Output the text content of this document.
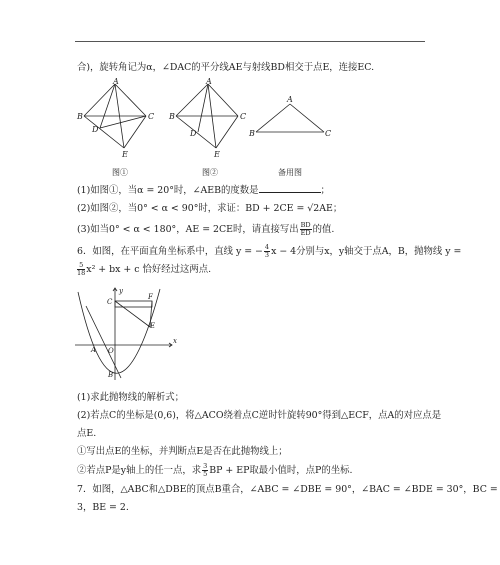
合)，旋转角记为α，∠DAC的平分线AE与射线BD相交于点E，连接EC.
A
B	C
D
E
A
B	C
D
E
A
B	C
图①	图②	备用图
(1)如图①，当α = 20°时，∠AEB的度数是	；
(2)如图②，当0° < α < 90°时，求证：BD + 2CE = √2AE；
(3)如当0° < α < 180°，AE = 2CE时，请直接写出 $\frac{BD}{ED}$ 的值.
6．如图，在平面直角坐标系中，直线 y = − $\frac{4}{3}$ x − 4分别与x，y轴交于点A，B，抛物线 y =
$\frac{5}{18} x^2$ + bx + c 恰好经过这两点.
C
F
E
A O
B
x
y
(1)求此抛物线的解析式；
(2)若点C的坐标是(0,6)，将△ACO绕着点C逆时针旋转90°得到△ECF，点A的对应点是
点E.
①写出点E的坐标，并判断点E是否在此抛物线上；
②若点P是y轴上的任一点，求 $\frac{3}{5}$ BP + EP取最小值时，点P的坐标.
7．如图，△ABC和△DBE的顶点B重合，∠ABC = ∠DBE = 90°，∠BAC = ∠BDE = 30°，BC =
3，BE = 2.
